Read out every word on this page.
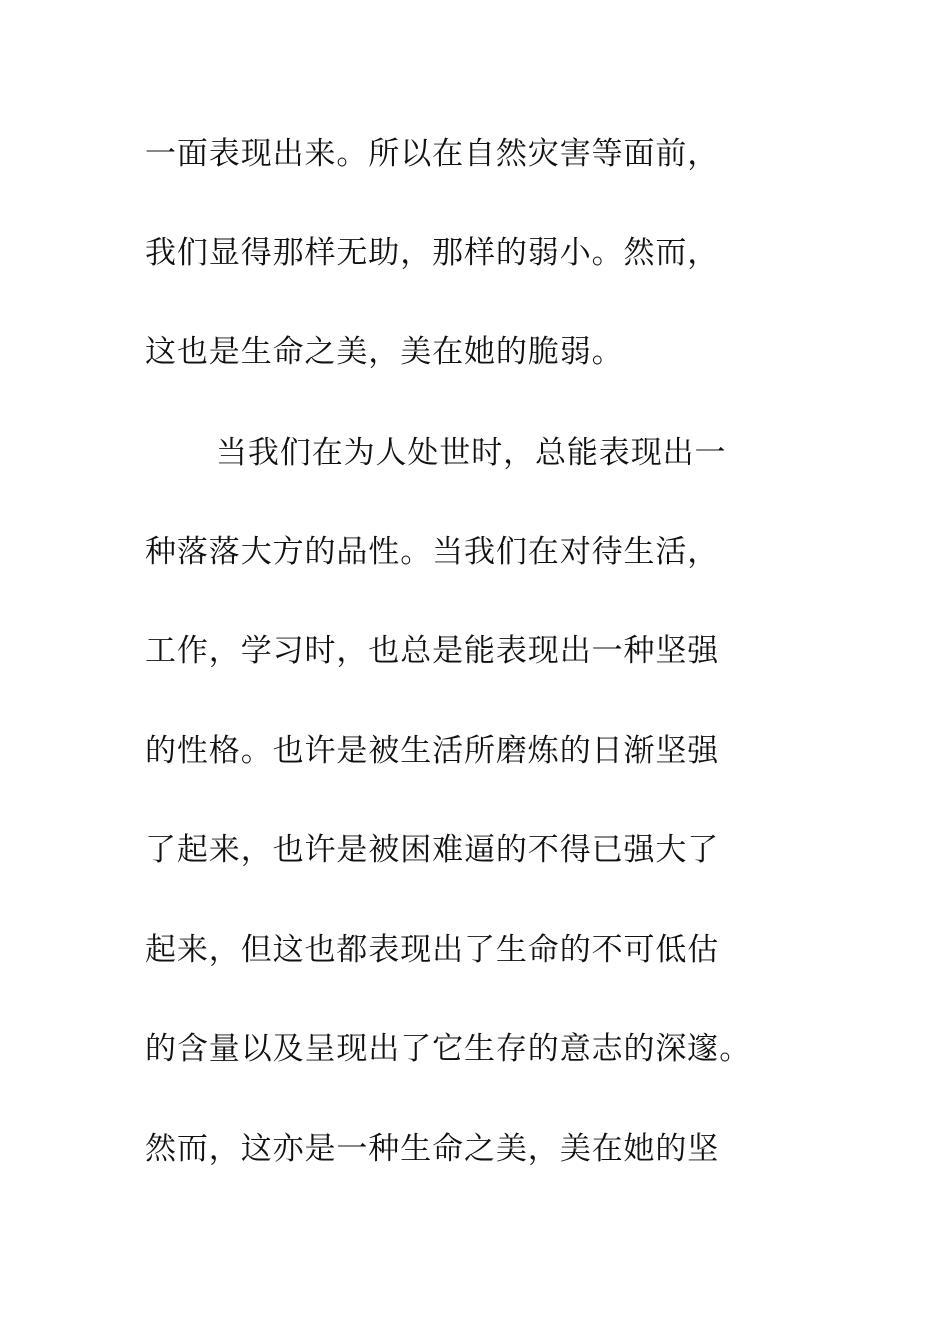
一面表现出来。所以在自然灾害等面前，
我们显得那样无助，那样的弱小。然而，
这也是生命之美，美在她的脆弱。
当我们在为人处世时，总能表现出一
种落落大方的品性。当我们在对待生活，
工作，学习时，也总是能表现出一种坚强
的性格。也许是被生活所磨炼的日渐坚强
了起来，也许是被困难逼的不得已强大了
起来，但这也都表现出了生命的不可低估
的含量以及呈现出了它生存的意志的深邃。
然而，这亦是一种生命之美，美在她的坚
